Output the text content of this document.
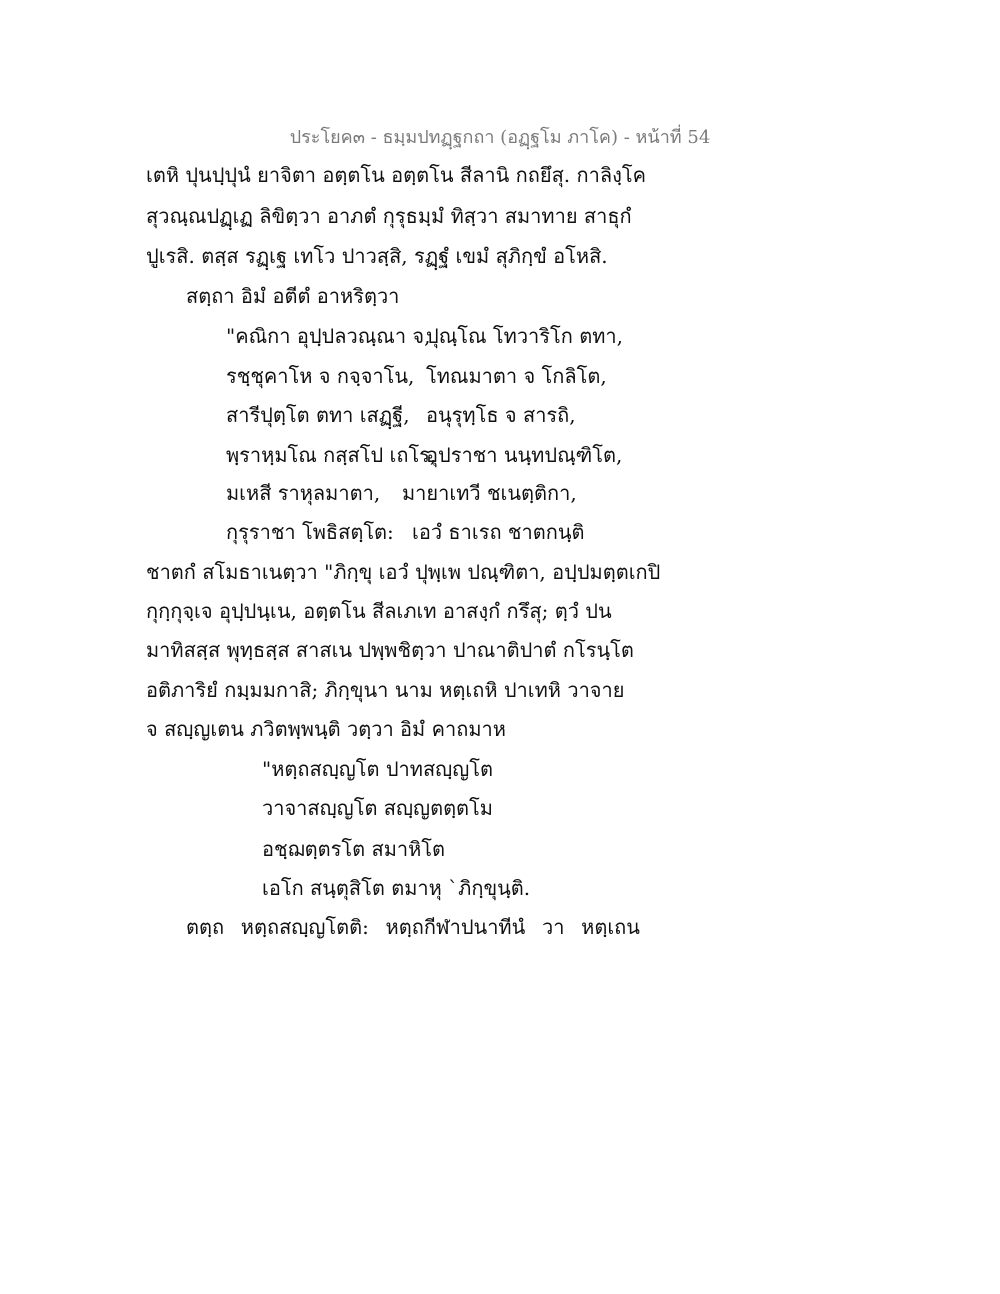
ประโยค๓ - ธมฺมปทฏฺฐกถา (อฏฺฐโม ภาโค) - หน้าที่ 54
เตหิ ปุนปฺปุนํ ยาจิตา อตฺตโน อตฺตโน สีลานิ กถยึสุ. กาลิงฺโค
สุวณฺณปฏฺเฏ ลิขิตฺวา อาภตํ กุรุธมฺมํ ทิสฺวา สมาทาย สาธุกํ
ปูเรสิ. ตสฺส รฏฺเฐ เทโว ปาวสฺสิ, รฏฺฐํ เขมํ สุภิกฺขํ อโหสิ.
สตฺถา อิมํ อตีตํ อาหริตฺวา
"คณิกา อุปฺปลวณฺณา จ,
ปุณฺโณ โทวาริโก ตทา,
รชฺชุคาโห จ กจฺจาโน, โทณมาตา จ โกลิโต,
สารีปุตฺโต ตทา เสฏฺฐี, อนุรุทฺโธ จ สารถิ,
พฺราหฺมโณ กสฺสโป เถโร,
อุปราชา นนฺทปณฺฑิโต,
มเหสี ราหุลมาตา,	มายาเทวี ชเนตฺติกา,
กุรุราชา โพธิสตฺโต: เอวํ ธาเรถ ชาตกนฺติ
ชาตกํ สโมธาเนตฺวา "ภิกฺขุ เอวํ ปุพฺเพ ปณฺฑิตา, อปฺปมตฺตเกปิ
กุกฺกุจฺเจ อุปฺปนฺเน, อตฺตโน สีลเภเท อาสงฺกํ กรึสุ; ตฺวํ ปน
มาทิสสฺส พุทฺธสฺส สาสเน ปพฺพชิตฺวา ปาณาติปาตํ กโรนฺโต
อติภาริยํ กมฺมมกาสิ; ภิกฺขุนา นาม หตฺเถหิ ปาเทหิ วาจาย
จ สญฺญเตน ภวิตพฺพนฺติ วตฺวา อิมํ คาถมาห
"หตฺถสญฺญโต ปาทสญฺญโต
วาจาสญฺญโต สญฺญตตฺตโม
อชฺฌตฺตรโต สมาหิโต
เอโก สนฺตุสิโต ตมาหุ `ภิกฺขุนฺติ.
ตตฺถ หตฺถสญฺญโตติ: หตฺถกีฬาปนาทีนํ วา หตฺเถน
